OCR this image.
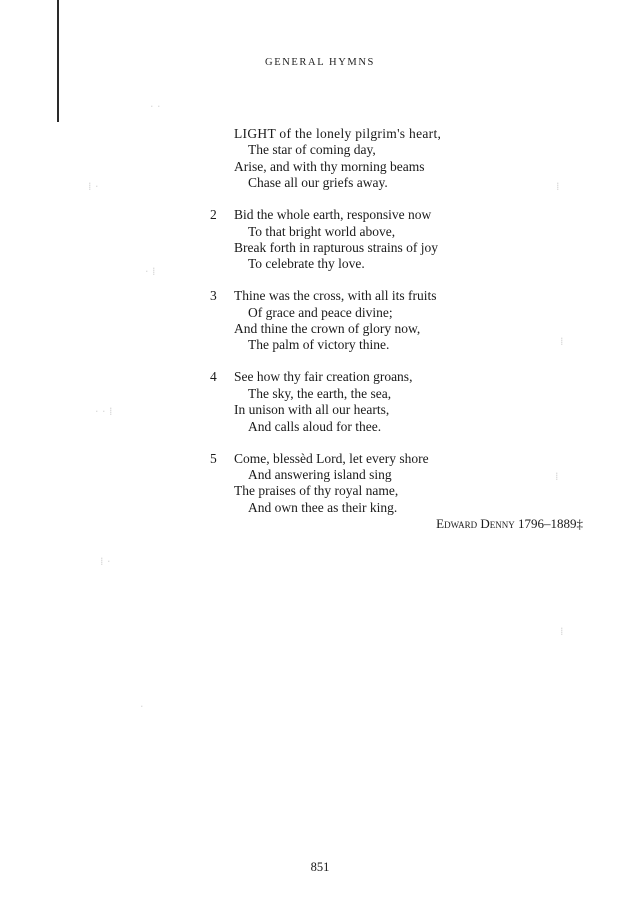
· ·
⁞ ·	⁞
· ⁞
⁞
· · ⁞
⁞
⁞ ·
⁞
·
GENERAL HYMNS
LIGHT of the lonely pilgrim's heart,
The star of coming day,
Arise, and with thy morning beams
Chase all our griefs away.
2	Bid the whole earth, responsive now
To that bright world above,
Break forth in rapturous strains of joy
To celebrate thy love.
3	Thine was the cross, with all its fruits
Of grace and peace divine;
And thine the crown of glory now,
The palm of victory thine.
4	See how thy fair creation groans,
The sky, the earth, the sea,
In unison with all our hearts,
And calls aloud for thee.
5	Come, blessèd Lord, let every shore
And answering island sing
The praises of thy royal name,
And own thee as their king.
Edward Denny 1796–1889‡
851
